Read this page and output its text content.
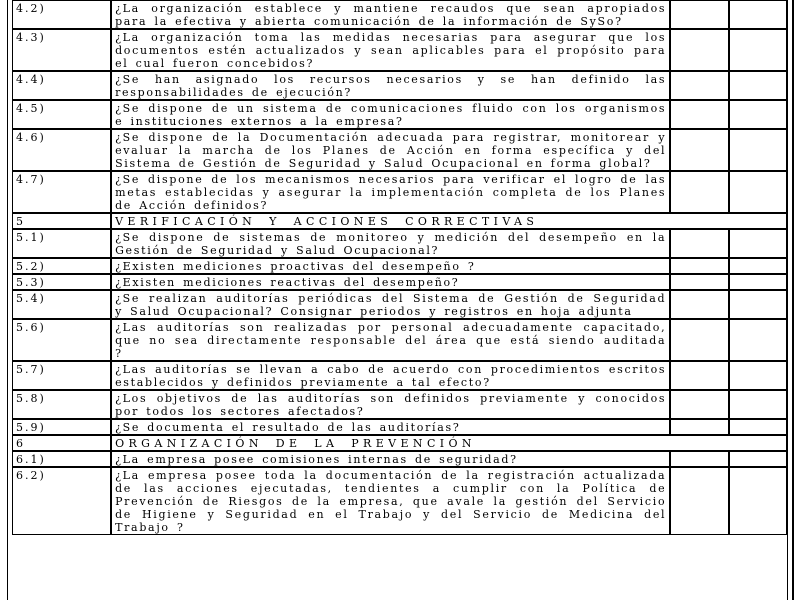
4.2)	¿La organización establece y mantiene recaudos que sean apropiados para la efectiva y abierta comunicación de la información de SySo?		
4.3)	¿La organización toma las medidas necesarias para asegurar que los documentos estén actualizados y sean aplicables para el propósito para el cual fueron concebidos?		
4.4)	¿Se han asignado los recursos necesarios y se han definido las responsabilidades de ejecución?		
4.5)	¿Se dispone de un sistema de comunicaciones fluido con los organismos e instituciones externos a la empresa?		
4.6)	¿Se dispone de la Documentación adecuada para registrar, monitorear y evaluar la marcha de los Planes de Acción en forma específica y del Sistema de Gestión de Seguridad y Salud Ocupacional en forma global?		
4.7)	¿Se dispone de los mecanismos necesarios para verificar el logro de las metas establecidas y asegurar la implementación completa de los Planes de Acción definidos?		
5	VERIFICACIÓN Y ACCIONES CORRECTIVAS		
5.1)	¿Se dispone de sistemas de monitoreo y medición del desempeño en la Gestión de Seguridad y Salud Ocupacional?		
5.2)	¿Existen mediciones proactivas del desempeño ?		
5.3)	¿Existen mediciones reactivas del desempeño?		
5.4)	¿Se realizan auditorías periódicas del Sistema de Gestión de Seguridad y Salud Ocupacional? Consignar periodos y registros en hoja adjunta		
5.6)	¿Las auditorías son realizadas por personal adecuadamente capacitado, que no sea directamente responsable del área que está siendo auditada ?		
5.7)	¿Las auditorías se llevan a cabo de acuerdo con procedimientos escritos establecidos y definidos previamente a tal efecto?		
5.8)	¿Los objetivos de las auditorías son definidos previamente y conocidos por todos los sectores afectados?		
5.9)	¿Se documenta el resultado de las auditorías?		
6	ORGANIZACIÓN DE LA PREVENCIÓN		
6.1)	¿La empresa posee comisiones internas de seguridad?		
6.2)	¿La empresa posee toda la documentación de la registración actualizada de las acciones ejecutadas, tendientes a cumplir con la Política de Prevención de Riesgos de la empresa, que avale la gestión del Servicio de Higiene y Seguridad en el Trabajo y del Servicio de Medicina del Trabajo ?		
